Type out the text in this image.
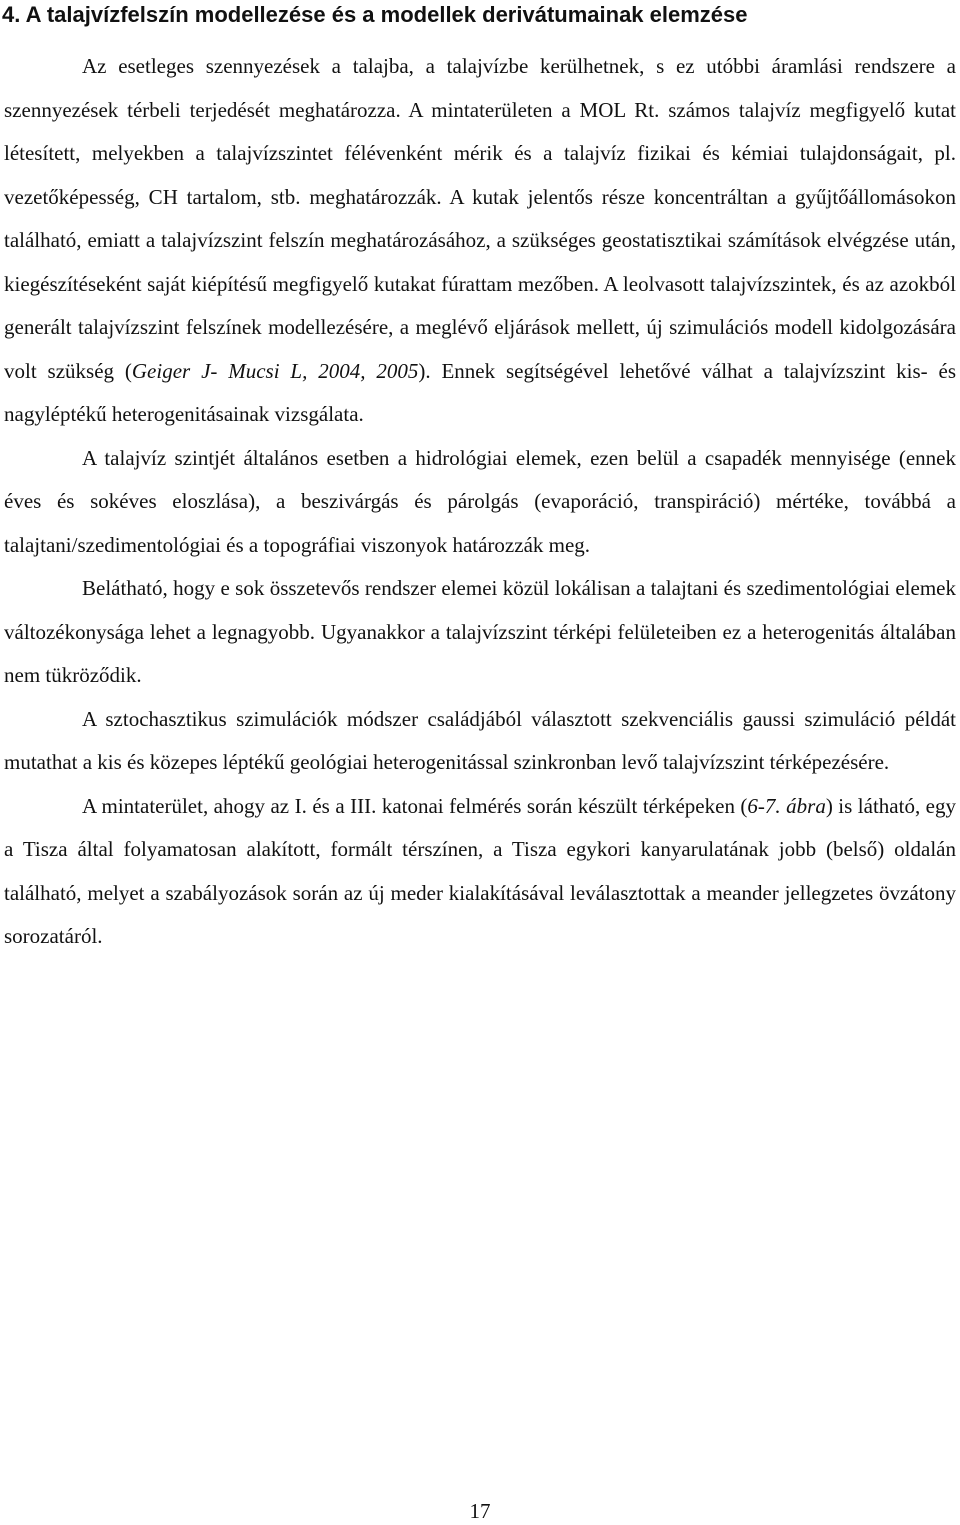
4. A talajvízfelszín modellezése és a modellek derivátumainak elemzése

Az esetleges szennyezések a talajba, a talajvízbe kerülhetnek, s ez utóbbi áramlási rendszere a szennyezések térbeli terjedését meghatározza. A mintaterületen a MOL Rt. számos talajvíz megfigyelő kutat létesített, melyekben a talajvízszintet félévenként mérik és a talajvíz fizikai és kémiai tulajdonságait, pl. vezetőképesség, CH tartalom, stb. meghatározzák. A kutak jelentős része koncentráltan a gyűjtőállomásokon található, emiatt a talajvízszint felszín meghatározásához, a szükséges geostatisztikai számítások elvégzése után, kiegészítéseként saját kiépítésű megfigyelő kutakat fúrattam mezőben. A leolvasott talajvízszintek, és az azokból generált talajvízszint felszínek modellezésére, a meglévő eljárások mellett, új szimulációs modell kidolgozására volt szükség (Geiger J- Mucsi L, 2004, 2005). Ennek segítségével lehetővé válhat a talajvízszint kis- és nagyléptékű heterogenitásainak vizsgálata.

A talajvíz szintjét általános esetben a hidrológiai elemek, ezen belül a csapadék mennyisége (ennek éves és sokéves eloszlása), a beszivárgás és párolgás (evaporáció, transpiráció) mértéke, továbbá a talajtani/szedimentológiai és a topográfiai viszonyok határozzák meg.

Belátható, hogy e sok összetevős rendszer elemei közül lokálisan a talajtani és szedimentológiai elemek változékonysága lehet a legnagyobb. Ugyanakkor a talajvízszint térképi felületeiben ez a heterogenitás általában nem tükröződik.

A sztochasztikus szimulációk módszer családjából választott szekvenciális gaussi szimuláció példát mutathat a kis és közepes léptékű geológiai heterogenitással szinkronban levő talajvízszint térképezésére.

A mintaterület, ahogy az I. és a III. katonai felmérés során készült térképeken (6-7. ábra) is látható, egy a Tisza által folyamatosan alakított, formált térszínen, a Tisza egykori kanyarulatának jobb (belső) oldalán található, melyet a szabályozások során az új meder kialakításával leválasztottak a meander jellegzetes övzátony sorozatáról.

17
